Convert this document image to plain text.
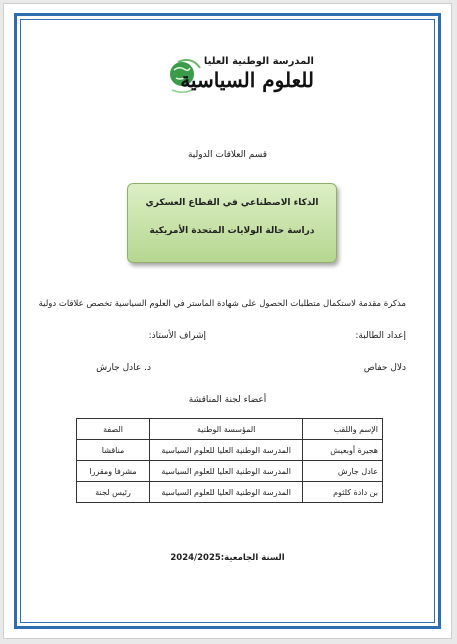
المدرسة الوطنية العليا
للعلوم السياسية
قسم العلاقات الدولية
الذكاء الاصطناعي في القطاع العسكري
دراسة حالة الولايات المتحدة الأمريكية
مذكرة مقدمة لاستكمال متطلبات الحصول على شهادة الماستر في العلوم السياسية تخصص علاقات دولية
إعداد الطالبة:
إشراف الأستاذ:
دلال حفاص
د. عادل جارش
أعضاء لجنة المناقشة
الإسم واللقب	المؤسسة الوطنية	الصفة
هجيرة أوبعيش	المدرسة الوطنية العليا للعلوم السياسية	مناقشا
عادل جارش	المدرسة الوطنية العليا للعلوم السياسية	مشرفا ومقررا
بن دادة كلثوم	المدرسة الوطنية العليا للعلوم السياسية	رئيس لجنة
السنة الجامعية:2024/2025
